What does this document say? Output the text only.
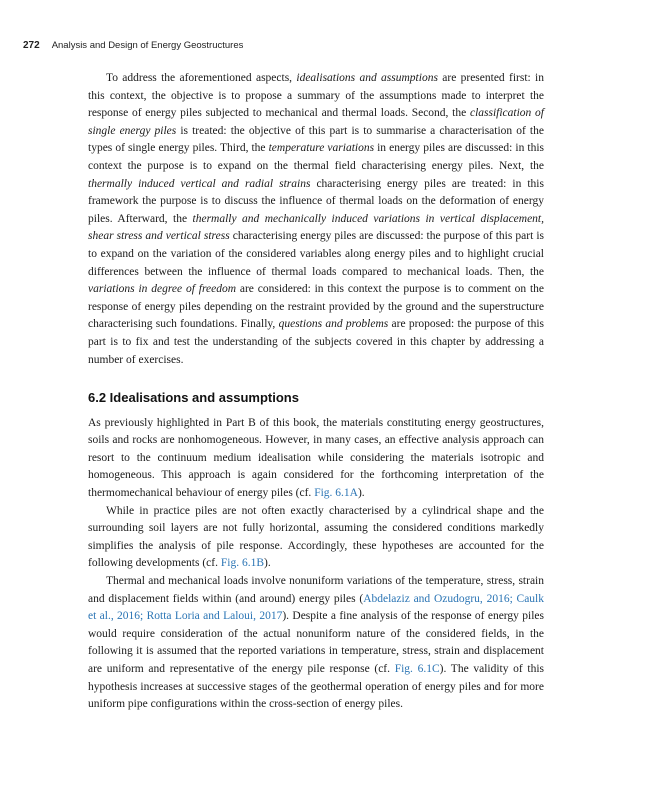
272 Analysis and Design of Energy Geostructures

To address the aforementioned aspects, idealisations and assumptions are presented first: in this context, the objective is to propose a summary of the assumptions made to interpret the response of energy piles subjected to mechanical and thermal loads. Second, the classification of single energy piles is treated: the objective of this part is to summarise a characterisation of the types of single energy piles. Third, the temperature variations in energy piles are discussed: in this context the purpose is to expand on the thermal field characterising energy piles. Next, the thermally induced vertical and radial strains characterising energy piles are treated: in this framework the purpose is to discuss the influence of thermal loads on the deformation of energy piles. Afterward, the thermally and mechanically induced variations in vertical displacement, shear stress and vertical stress characterising energy piles are discussed: the purpose of this part is to expand on the variation of the considered variables along energy piles and to highlight crucial differences between the influence of thermal loads compared to mechanical loads. Then, the variations in degree of freedom are considered: in this context the purpose is to comment on the response of energy piles depending on the restraint provided by the ground and the superstructure characterising such foundations. Finally, questions and problems are proposed: the purpose of this part is to fix and test the understanding of the subjects covered in this chapter by addressing a number of exercises.

6.2 Idealisations and assumptions

As previously highlighted in Part B of this book, the materials constituting energy geostructures, soils and rocks are nonhomogeneous. However, in many cases, an effective analysis approach can resort to the continuum medium idealisation while considering the materials isotropic and homogeneous. This approach is again considered for the forthcoming interpretation of the thermomechanical behaviour of energy piles (cf. Fig. 6.1A).

While in practice piles are not often exactly characterised by a cylindrical shape and the surrounding soil layers are not fully horizontal, assuming the considered conditions markedly simplifies the analysis of pile response. Accordingly, these hypotheses are accounted for the following developments (cf. Fig. 6.1B).

Thermal and mechanical loads involve nonuniform variations of the temperature, stress, strain and displacement fields within (and around) energy piles (Abdelaziz and Ozudogru, 2016; Caulk et al., 2016; Rotta Loria and Laloui, 2017). Despite a fine analysis of the response of energy piles would require consideration of the actual nonuniform nature of the considered fields, in the following it is assumed that the reported variations in temperature, stress, strain and displacement are uniform and representative of the energy pile response (cf. Fig. 6.1C). The validity of this hypothesis increases at successive stages of the geothermal operation of energy piles and for more uniform pipe configurations within the cross-section of energy piles.
